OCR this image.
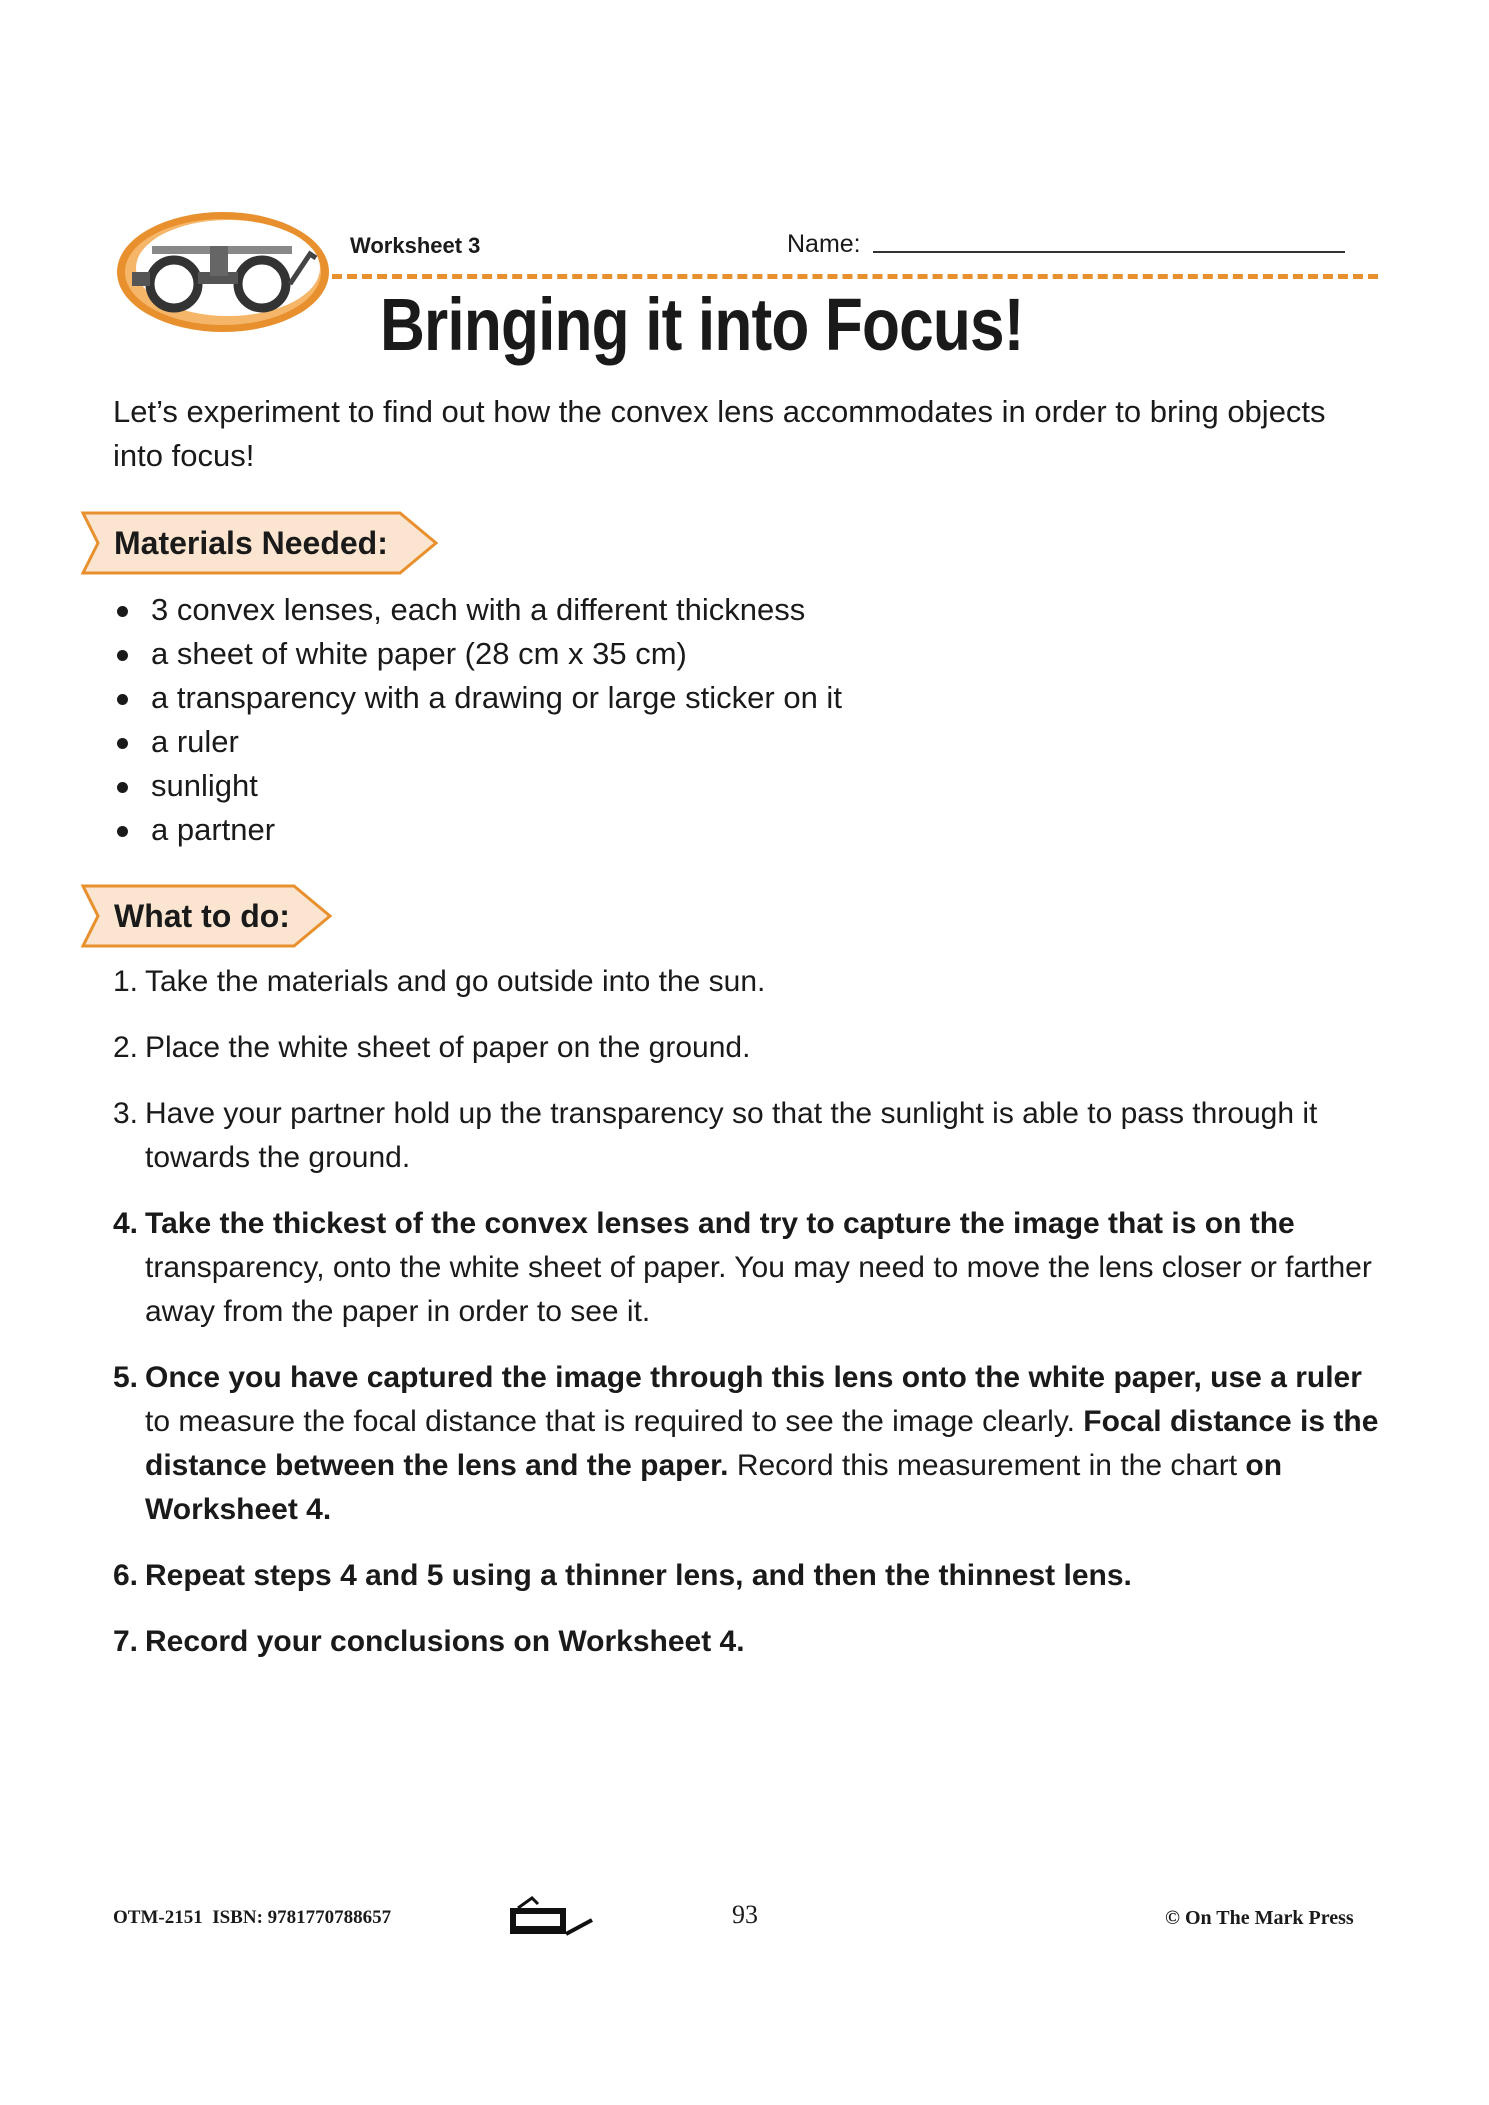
Worksheet 3	Name:
Bringing it into Focus!
Let’s experiment to find out how the convex lens accommodates in order to bring objects into focus!
Materials Needed:
3 convex lenses, each with a different thickness
a sheet of white paper (28 cm x 35 cm)
a transparency with a drawing or large sticker on it
a ruler
sunlight
a partner
What to do:
1. Take the materials and go outside into the sun.
2. Place the white sheet of paper on the ground.
3. Have your partner hold up the transparency so that the sunlight is able to pass through it towards the ground.
4. Take the thickest of the convex lenses and try to capture the image that is on the transparency, onto the white sheet of paper. You may need to move the lens closer or farther away from the paper in order to see it.
5. Once you have captured the image through this lens onto the white paper, use a ruler to measure the focal distance that is required to see the image clearly. Focal distance is the distance between the lens and the paper. Record this measurement in the chart on Worksheet 4.
6. Repeat steps 4 and 5 using a thinner lens, and then the thinnest lens.
7. Record your conclusions on Worksheet 4.
OTM-2151  ISBN: 9781770788657	93	© On The Mark Press
